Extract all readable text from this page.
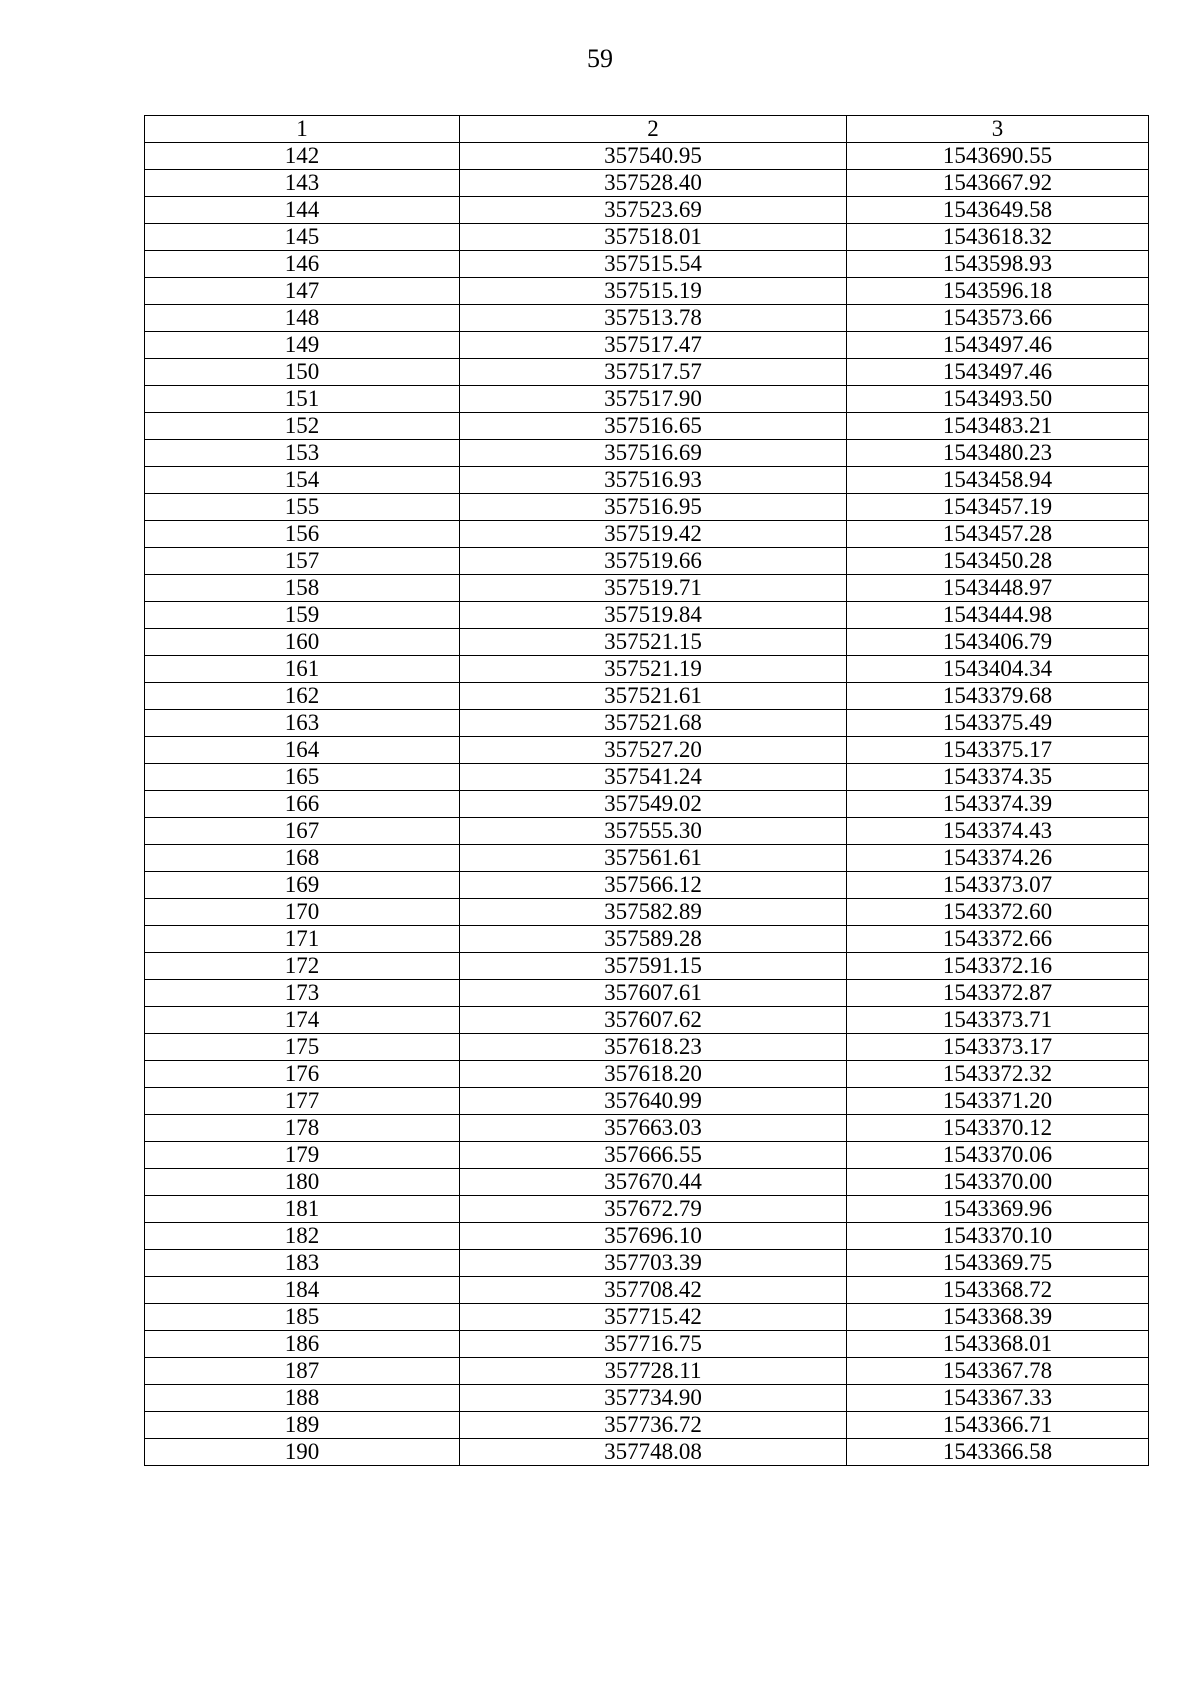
59
1	2	3
142	357540.95	1543690.55
143	357528.40	1543667.92
144	357523.69	1543649.58
145	357518.01	1543618.32
146	357515.54	1543598.93
147	357515.19	1543596.18
148	357513.78	1543573.66
149	357517.47	1543497.46
150	357517.57	1543497.46
151	357517.90	1543493.50
152	357516.65	1543483.21
153	357516.69	1543480.23
154	357516.93	1543458.94
155	357516.95	1543457.19
156	357519.42	1543457.28
157	357519.66	1543450.28
158	357519.71	1543448.97
159	357519.84	1543444.98
160	357521.15	1543406.79
161	357521.19	1543404.34
162	357521.61	1543379.68
163	357521.68	1543375.49
164	357527.20	1543375.17
165	357541.24	1543374.35
166	357549.02	1543374.39
167	357555.30	1543374.43
168	357561.61	1543374.26
169	357566.12	1543373.07
170	357582.89	1543372.60
171	357589.28	1543372.66
172	357591.15	1543372.16
173	357607.61	1543372.87
174	357607.62	1543373.71
175	357618.23	1543373.17
176	357618.20	1543372.32
177	357640.99	1543371.20
178	357663.03	1543370.12
179	357666.55	1543370.06
180	357670.44	1543370.00
181	357672.79	1543369.96
182	357696.10	1543370.10
183	357703.39	1543369.75
184	357708.42	1543368.72
185	357715.42	1543368.39
186	357716.75	1543368.01
187	357728.11	1543367.78
188	357734.90	1543367.33
189	357736.72	1543366.71
190	357748.08	1543366.58
